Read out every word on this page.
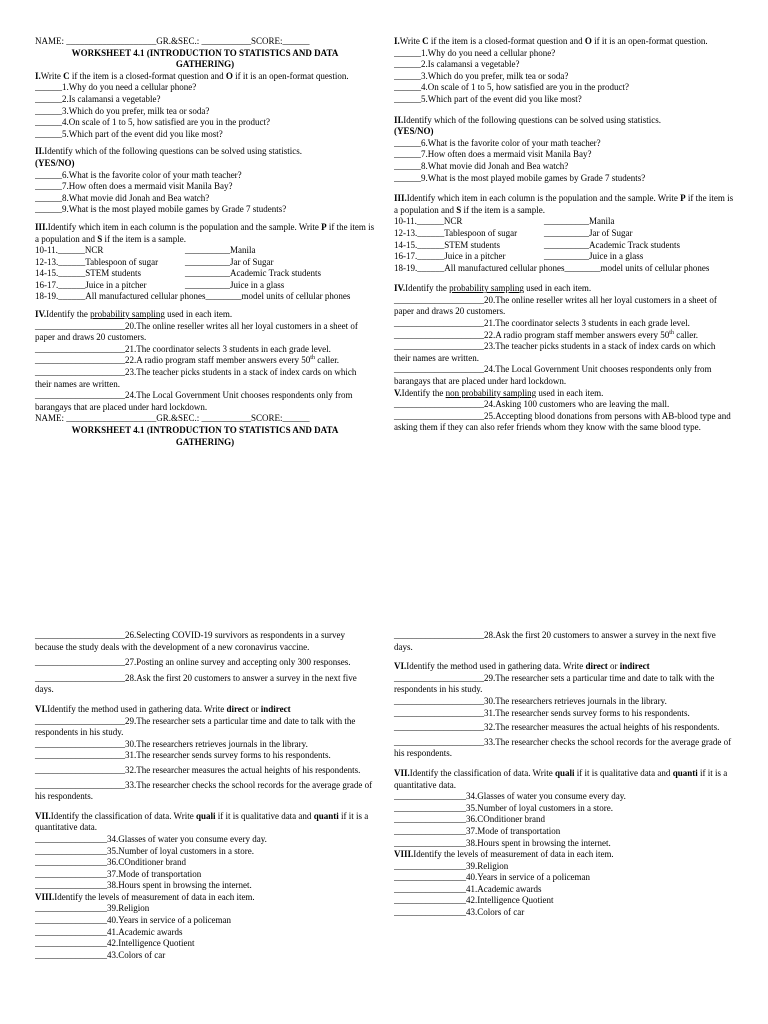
NAME: ____________________GR.&SEC.: ___________SCORE:______
WORKSHEET 4.1 (INTRODUCTION TO STATISTICS AND DATA
GATHERING)
I.Write C if the item is a closed-format question and O if it is an open-format question.
______1.Why do you need a cellular phone?
______2.Is calamansi a vegetable?
______3.Which do you prefer, milk tea or soda?
______4.On scale of 1 to 5, how satisfied are you in the product?
______5.Which part of the event did you like most?
II.Identify which of the following questions can be solved using statistics.
(YES/NO)
______6.What is the favorite color of your math teacher?
______7.How often does a mermaid visit Manila Bay?
______8.What movie did Jonah and Bea watch?
______9.What is the most played mobile games by Grade 7 students?
III.Identify which item in each column is the population and the sample. Write P if the item is a population and S if the item is a sample.
10-11.______NCR	__________Manila
12-13.______Tablespoon of sugar	__________Jar of Sugar
14-15.______STEM students	__________Academic Track students
16-17.______Juice in a pitcher	__________Juice in a glass
18-19.______All manufactured cellular phones________model units of cellular phones
IV.Identify the probability sampling used in each item.
____________________20.The online reseller writes all her loyal customers in a sheet of paper and draws 20 customers.
____________________21.The coordinator selects 3 students in each grade level.
____________________22.A radio program staff member answers every 50th caller.
____________________23.The teacher picks students in a stack of index cards on which their names are written.
____________________24.The Local Government Unit chooses respondents only from barangays that are placed under hard lockdown.
NAME: ____________________GR.&SEC.: ___________SCORE:______
WORKSHEET 4.1 (INTRODUCTION TO STATISTICS AND DATA
GATHERING)
I.Write C if the item is a closed-format question and O if it is an open-format question.
______1.Why do you need a cellular phone?
______2.Is calamansi a vegetable?
______3.Which do you prefer, milk tea or soda?
______4.On scale of 1 to 5, how satisfied are you in the product?
______5.Which part of the event did you like most?
II.Identify which of the following questions can be solved using statistics.
(YES/NO)
______6.What is the favorite color of your math teacher?
______7.How often does a mermaid visit Manila Bay?
______8.What movie did Jonah and Bea watch?
______9.What is the most played mobile games by Grade 7 students?
III.Identify which item in each column is the population and the sample. Write P if the item is a population and S if the item is a sample.
10-11.______NCR	__________Manila
12-13.______Tablespoon of sugar	__________Jar of Sugar
14-15.______STEM students	__________Academic Track students
16-17.______Juice in a pitcher	__________Juice in a glass
18-19.______All manufactured cellular phones________model units of cellular phones
IV.Identify the probability sampling used in each item.
____________________20.The online reseller writes all her loyal customers in a sheet of paper and draws 20 customers.
____________________21.The coordinator selects 3 students in each grade level.
____________________22.A radio program staff member answers every 50th caller.
____________________23.The teacher picks students in a stack of index cards on which their names are written.
____________________24.The Local Government Unit chooses respondents only from barangays that are placed under hard lockdown.
V.Identify the non probability sampling used in each item.
____________________24.Asking 100 customers who are leaving the mall.
____________________25.Accepting blood donations from persons with AB-blood type and asking them if they can also refer friends whom they know with the same blood type.
____________________26.Selecting COVID-19 survivors as respondents in a survey because the study deals with the development of a new coronavirus vaccine.
____________________27.Posting an online survey and accepting only 300 responses.
____________________28.Ask the first 20 customers to answer a survey in the next five days.
VI.Identify the method used in gathering data. Write direct or indirect
____________________29.The researcher sets a particular time and date to talk with the respondents in his study.
____________________30.The researchers retrieves journals in the library.
____________________31.The researcher sends survey forms to his respondents.
____________________32.The researcher measures the actual heights of his respondents.
____________________33.The researcher checks the school records for the average grade of his respondents.
VII.Identify the classification of data. Write quali if it is qualitative data and quanti if it is a quantitative data.
________________34.Glasses of water you consume every day.
________________35.Number of loyal customers in a store.
________________36.COnditioner brand
________________37.Mode of transportation
________________38.Hours spent in browsing the internet.
VIII.Identify the levels of measurement of data in each item.
________________39.Religion
________________40.Years in service of a policeman
________________41.Academic awards
________________42.Intelligence Quotient
________________43.Colors of car
____________________28.Ask the first 20 customers to answer a survey in the next five days.
VI.Identify the method used in gathering data. Write direct or indirect
____________________29.The researcher sets a particular time and date to talk with the respondents in his study.
____________________30.The researchers retrieves journals in the library.
____________________31.The researcher sends survey forms to his respondents.
____________________32.The researcher measures the actual heights of his respondents.
____________________33.The researcher checks the school records for the average grade of his respondents.
VII.Identify the classification of data. Write quali if it is qualitative data and quanti if it is a quantitative data.
________________34.Glasses of water you consume every day.
________________35.Number of loyal customers in a store.
________________36.COnditioner brand
________________37.Mode of transportation
________________38.Hours spent in browsing the internet.
VIII.Identify the levels of measurement of data in each item.
________________39.Religion
________________40.Years in service of a policeman
________________41.Academic awards
________________42.Intelligence Quotient
________________43.Colors of car
